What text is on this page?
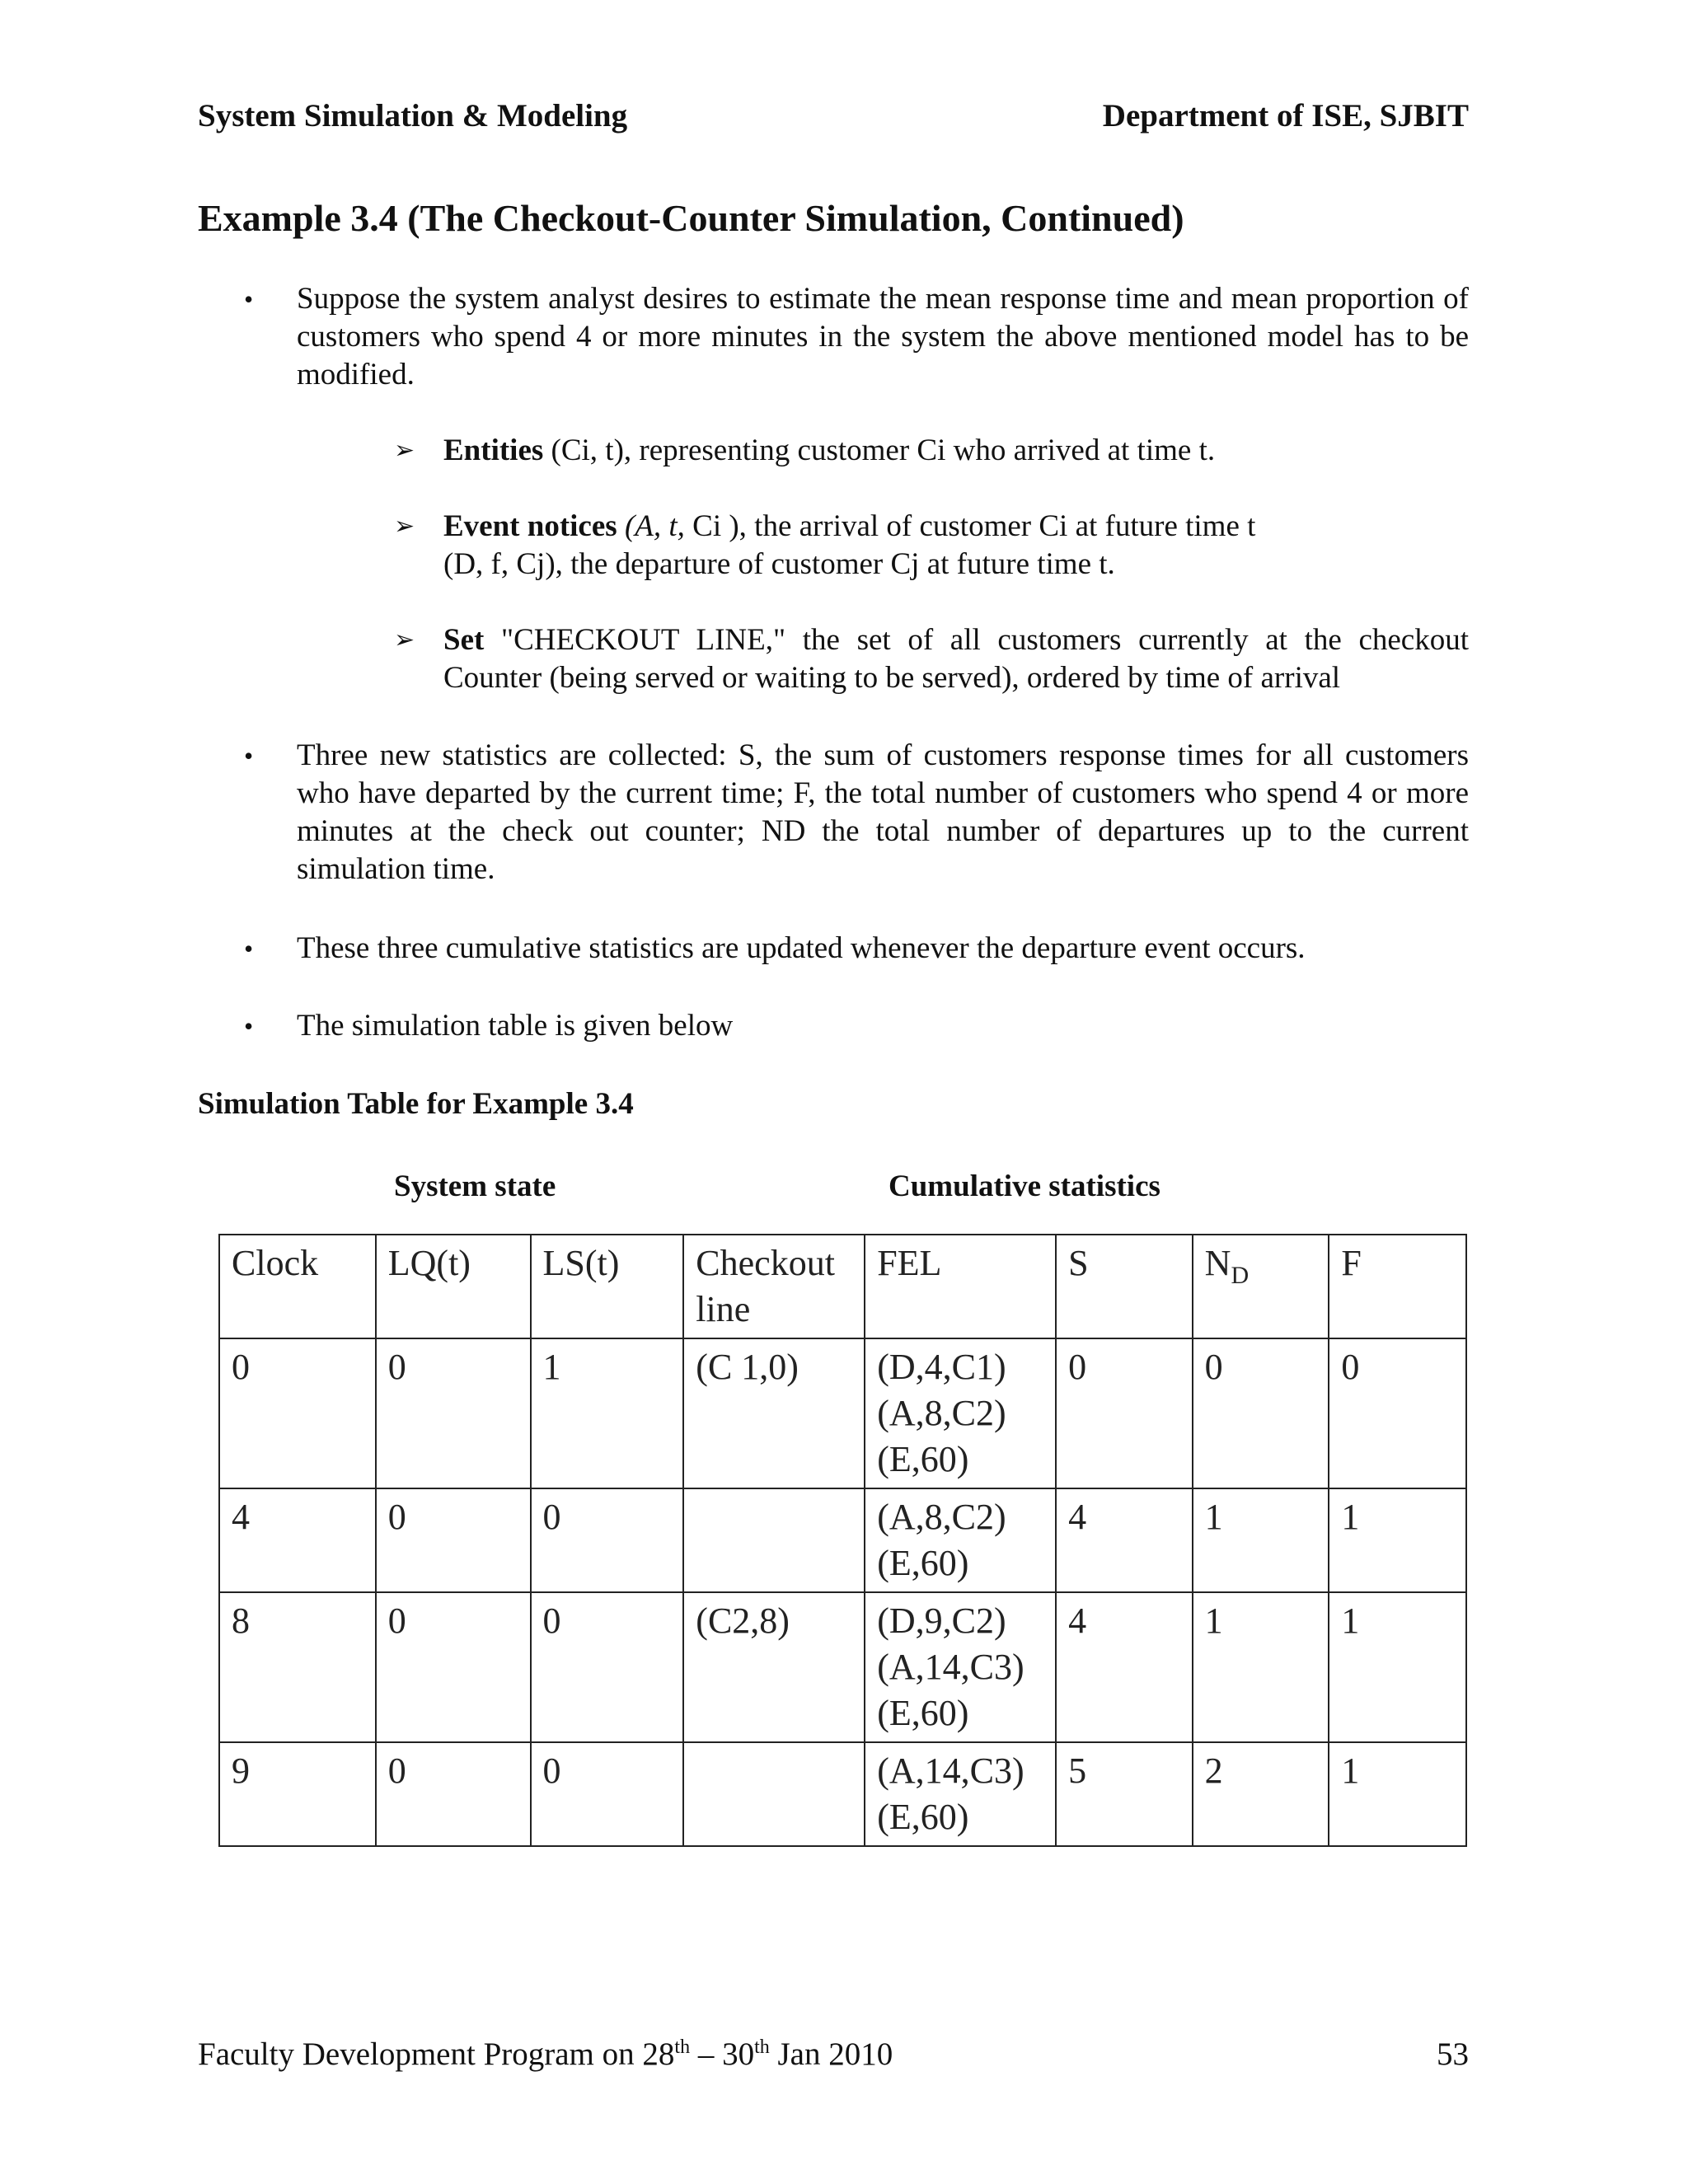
System Simulation & Modeling	Department of ISE, SJBIT
Example 3.4 (The Checkout-Counter Simulation, Continued)
• Suppose the system analyst desires to estimate the mean response time and mean proportion of customers who spend 4 or more minutes in the system the above mentioned model has to be modified.
➢ Entities (Ci, t), representing customer Ci who arrived at time t.
➢ Event notices (A, t, Ci ), the arrival of customer Ci at future time t
(D, f, Cj), the departure of customer Cj at future time t.
➢ Set "CHECKOUT LINE," the set of all customers currently at the checkout Counter (being served or waiting to be served), ordered by time of arrival
• Three new statistics are collected: S, the sum of customers response times for all customers who have departed by the current time; F, the total number of customers who spend 4 or more minutes at the check out counter; ND the total number of departures up to the current simulation time.
• These three cumulative statistics are updated whenever the departure event occurs.
• The simulation table is given below
Simulation Table for Example 3.4
System state	Cumulative statistics
Clock	LQ(t)	LS(t)	Checkout line	FEL	S	$N_D$	F
0	0	1	(C 1,0)	(D,4,C1)
(A,8,C2)
(E,60)	0	0	0
4	0	0		(A,8,C2)
(E,60)	4	1	1
8	0	0	(C2,8)	(D,9,C2)
(A,14,C3)
(E,60)	4	1	1
9	0	0		(A,14,C3)
(E,60)	5	2	1
Faculty Development Program on 28th – 30th Jan 2010	53
